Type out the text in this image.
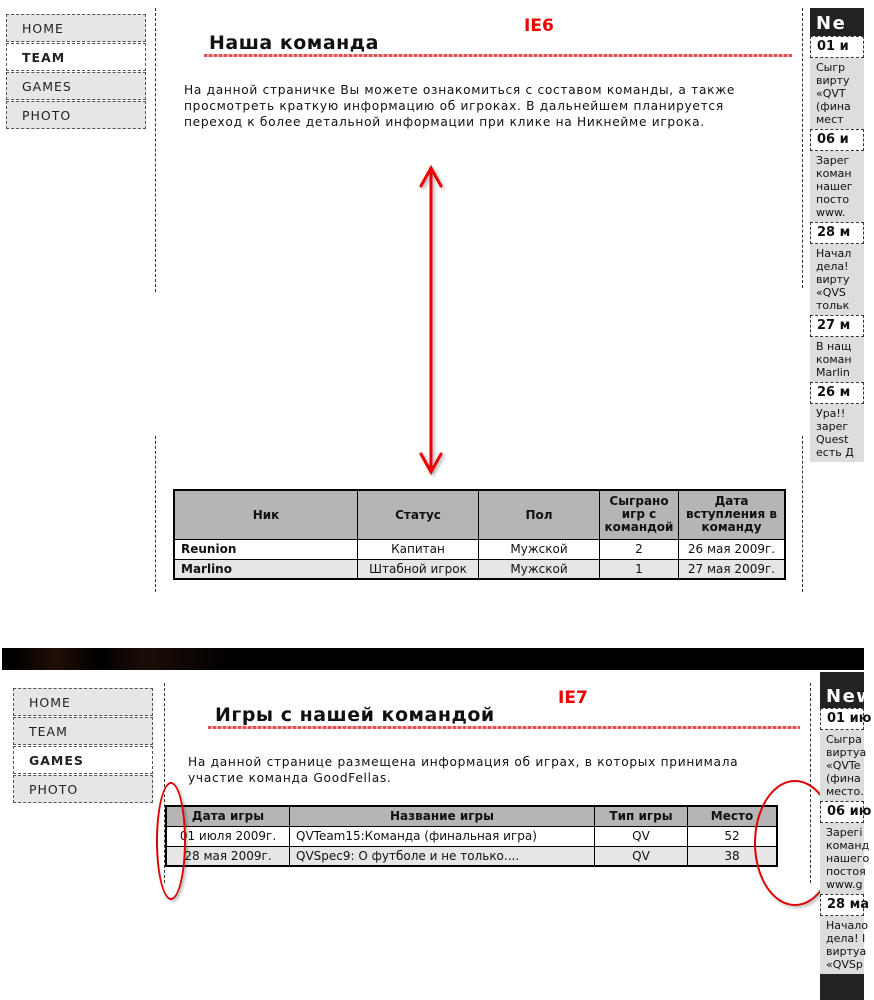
HOME
TEAM
GAMES
PHOTO
Наша команда
IE6
На данной страничке Вы можете ознакомиться с составом команды, а также просмотреть краткую информацию об игроках. В дальнейшем планируется переход к более детальной информации при клике на Никнейме игрока.
Ник	Статус	Пол	Сыграно игр с командой	Дата вступления в команду
Reunion	Капитан	Мужской	2	26 мая 2009г.
Marlino	Штабной игрок	Мужской	1	27 мая 2009г.
Ne
01 и
Сыгр
вирту
«QVT
(фина
мест
06 и
Зарег
коман
нашег
посто
www.
28 м
Начал
дела!
вирту
«QVS
тольк
27 м
В нащ
коман
Marlin
26 м
Ура!!
зарег
Quest
есть Д
HOME
TEAM
GAMES
PHOTO
Игры с нашей командой
IE7
На данной странице размещена информация об играх, в которых принимала участие команда GoodFellas.
Дата игры	Название игры	Тип игры	Место
01 июля 2009г.	QVTeam15:Команда (финальная игра)	QV	52
28 мая 2009г.	QVSpec9: О футболе и не только....	QV	38
New
01 ию
Сыгра
виртуа
«QVTe
(фина
место.
06 ию
Зарегі
команд
нашего
постоя
www.g
28 ма
Начало
дела! I
виртуа
«QVSp
